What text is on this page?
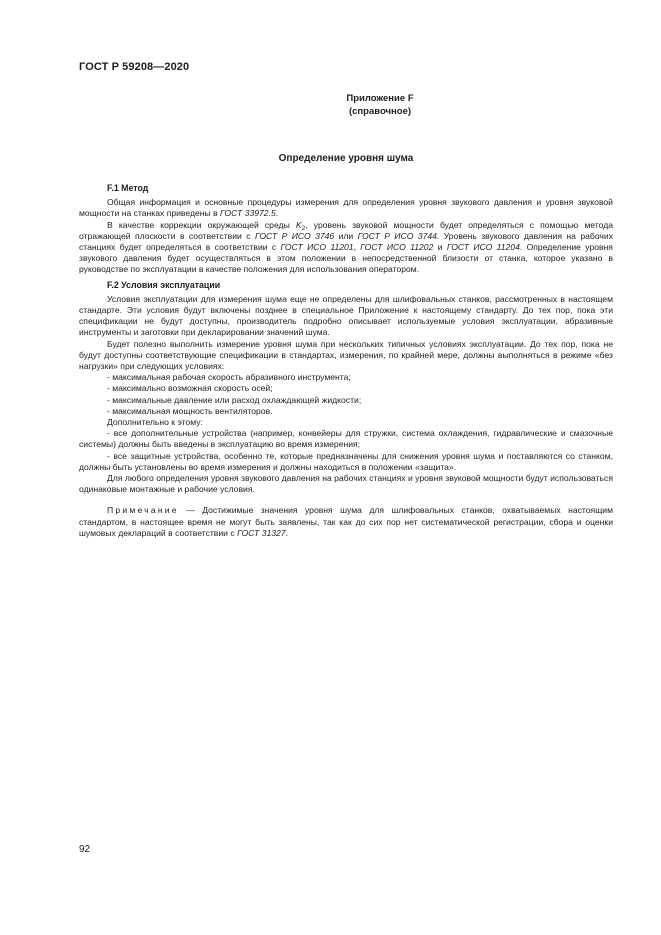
ГОСТ Р 59208—2020
Приложение F
(справочное)
Определение уровня шума
F.1 Метод

Общая информация и основные процедуры измерения для определения уровня звукового давления и уровня звуковой мощности на станках приведены в ГОСТ 33972.5.

В качестве коррекции окружающей среды $K_2$, уровень звуковой мощности будет определяться с помощью метода отражающей плоскости в соответствии с ГОСТ Р ИСО 3746 или ГОСТ Р ИСО 3744. Уровень звукового давления на рабочих станциях будет определяться в соответствии с ГОСТ ИСО 11201, ГОСТ ИСО 11202 и ГОСТ ИСО 11204. Определение уровня звукового давления будет осуществляться в этом положении в непосредственной близости от станка, которое указано в руководстве по эксплуатации в качестве положения для использования оператором.

F.2 Условия эксплуатации

Условия эксплуатации для измерения шума еще не определены для шлифовальных станков, рассмотренных в настоящем стандарте. Эти условия будут включены позднее в специальное Приложение к настоящему стандарту. До тех пор, пока эти спецификации не будут доступны, производитель подробно описывает используемые условия эксплуатации, абразивные инструменты и заготовки при декларировании значений шума.

Будет полезно выполнить измерение уровня шума при нескольких типичных условиях эксплуатации. До тех пор, пока не будут доступны соответствующие спецификации в стандартах, измерения, по крайней мере, должны выполняться в режиме «без нагрузки» при следующих условиях:

- максимальная рабочая скорость абразивного инструмента;

- максимально возможная скорость осей;

- максимальные давление или расход охлаждающей жидкости;

- максимальная мощность вентиляторов.

Дополнительно к этому:

- все дополнительные устройства (например, конвейеры для стружки, система охлаждения, гидравлические и смазочные системы) должны быть введены в эксплуатацию во время измерения;

- все защитные устройства, особенно те, которые предназначены для снижения уровня шума и поставляются со станком, должны быть установлены во время измерения и должны находиться в положении «защита».

Для любого определения уровня звукового давления на рабочих станциях и уровня звуковой мощности будут использоваться одинаковые монтажные и рабочие условия.

Примечание — Достижимые значения уровня шума для шлифовальных станков, охватываемых настоящим стандартом, в настоящее время не могут быть заявлены, так как до сих пор нет систематической регистрации, сбора и оценки шумовых деклараций в соответствии с ГОСТ 31327.

92
